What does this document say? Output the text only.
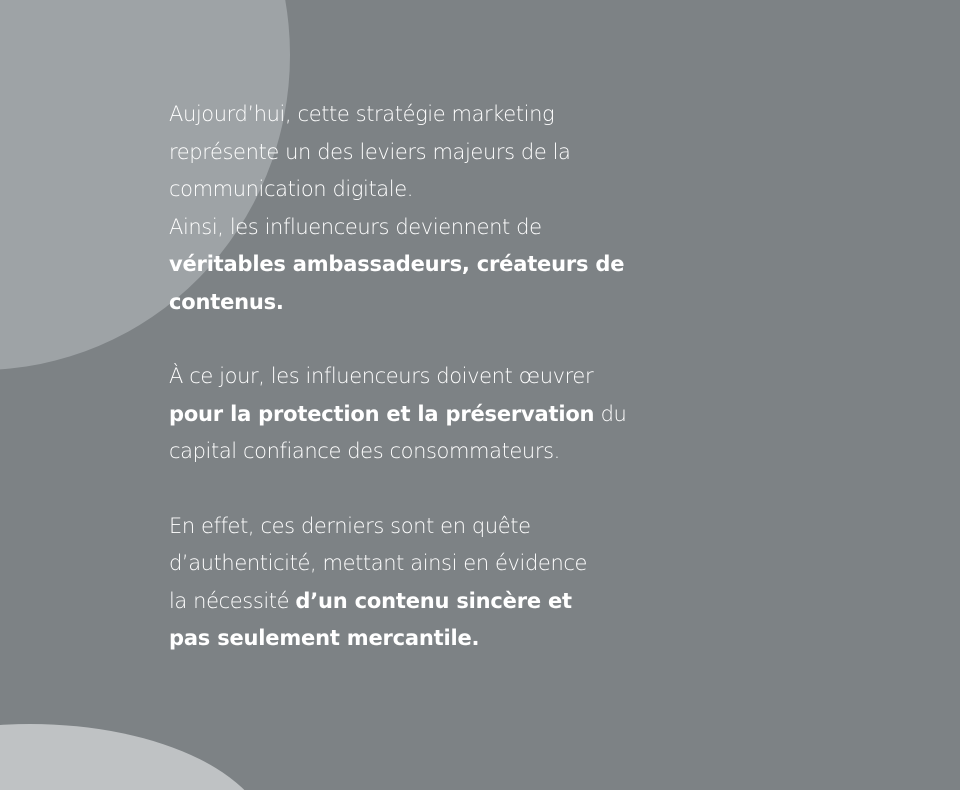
Aujourd’hui, cette stratégie marketing
représente un des leviers majeurs de la
communication digitale.
Ainsi, les influenceurs deviennent de
véritables ambassadeurs, créateurs de
contenus.

À ce jour, les influenceurs doivent œuvrer
pour la protection et la préservation du
capital confiance des consommateurs.

En effet, ces derniers sont en quête
d’authenticité, mettant ainsi en évidence
la nécessité d’un contenu sincère et
pas seulement mercantile.
